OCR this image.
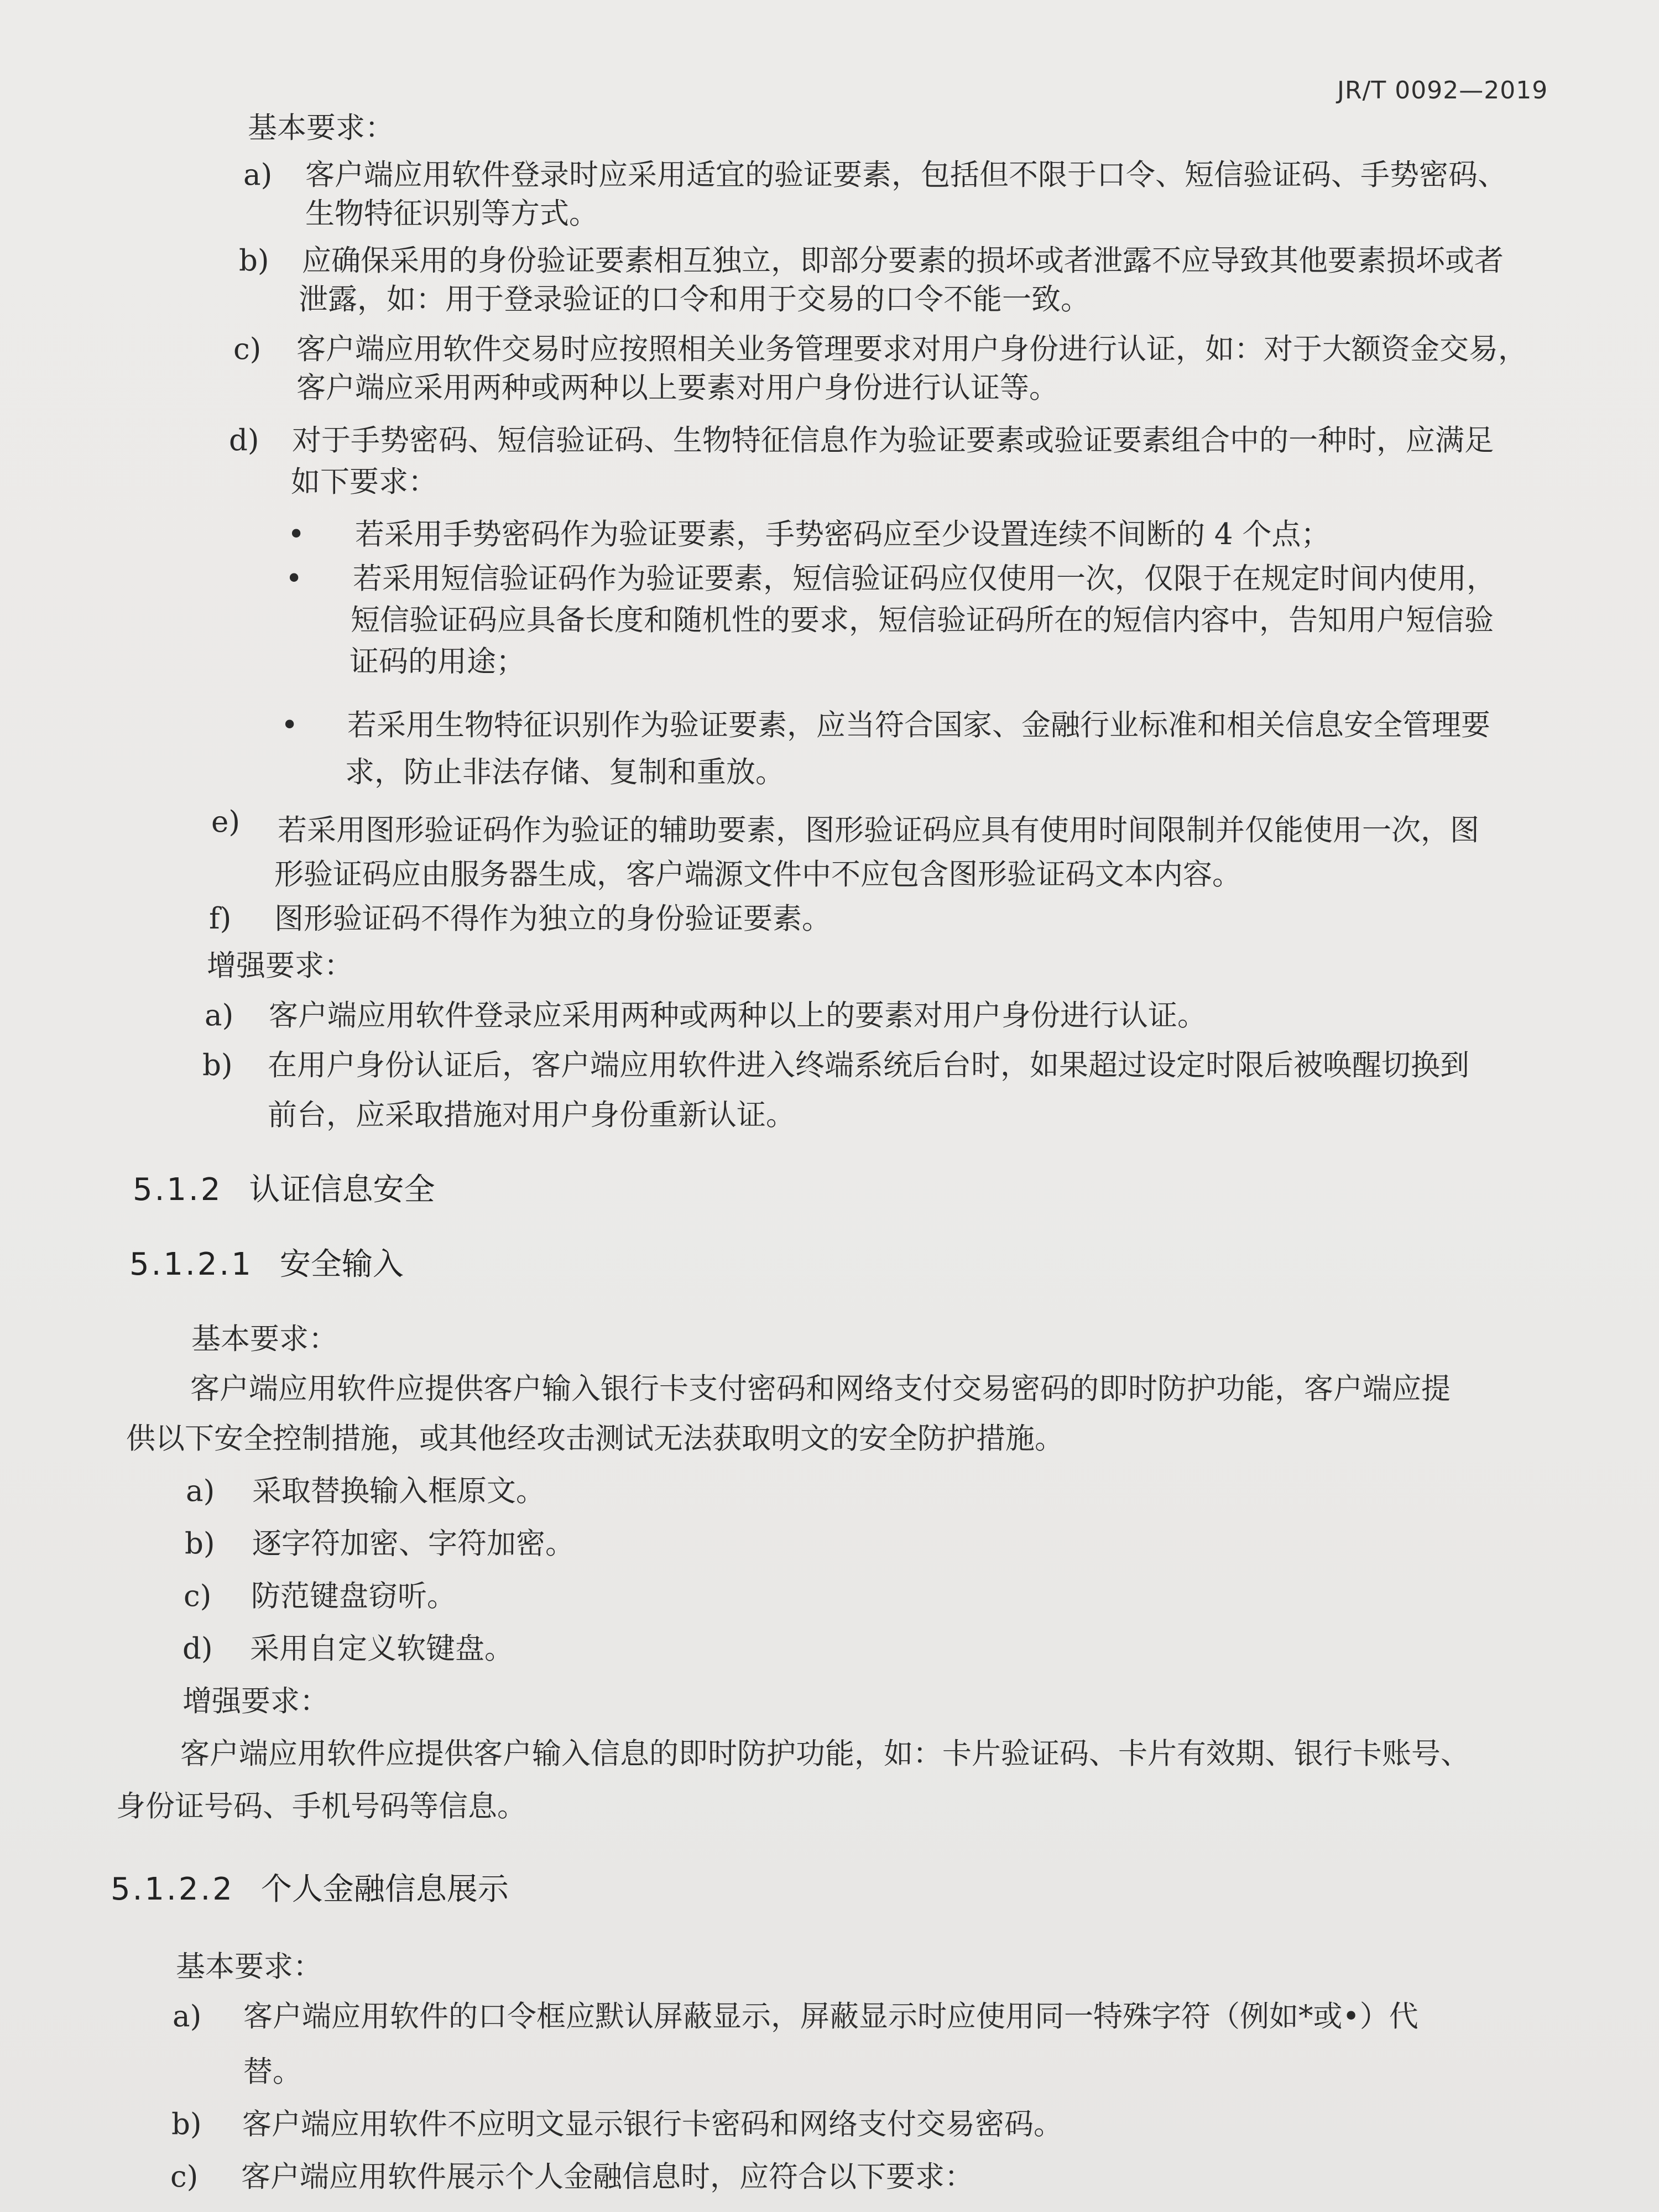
JR/T 0092—2019
基本要求：
a) 客户端应用软件登录时应采用适宜的验证要素，包括但不限于口令、短信验证码、手势密码、
生物特征识别等方式。
b) 应确保采用的身份验证要素相互独立，即部分要素的损坏或者泄露不应导致其他要素损坏或者
泄露，如：用于登录验证的口令和用于交易的口令不能一致。
c) 客户端应用软件交易时应按照相关业务管理要求对用户身份进行认证，如：对于大额资金交易，
客户端应采用两种或两种以上要素对用户身份进行认证等。
d) 对于手势密码、短信验证码、生物特征信息作为验证要素或验证要素组合中的一种时，应满足
如下要求：
• 若采用手势密码作为验证要素，手势密码应至少设置连续不间断的 4 个点；
• 若采用短信验证码作为验证要素，短信验证码应仅使用一次，仅限于在规定时间内使用，
短信验证码应具备长度和随机性的要求，短信验证码所在的短信内容中，告知用户短信验
证码的用途；
• 若采用生物特征识别作为验证要素，应当符合国家、金融行业标准和相关信息安全管理要
求，防止非法存储、复制和重放。
e) 若采用图形验证码作为验证的辅助要素，图形验证码应具有使用时间限制并仅能使用一次，图
形验证码应由服务器生成，客户端源文件中不应包含图形验证码文本内容。
f) 图形验证码不得作为独立的身份验证要素。
增强要求：
a) 客户端应用软件登录应采用两种或两种以上的要素对用户身份进行认证。
b) 在用户身份认证后，客户端应用软件进入终端系统后台时，如果超过设定时限后被唤醒切换到
前台，应采取措施对用户身份重新认证。
5.1.2 认证信息安全
5.1.2.1 安全输入
基本要求：
客户端应用软件应提供客户输入银行卡支付密码和网络支付交易密码的即时防护功能，客户端应提
供以下安全控制措施，或其他经攻击测试无法获取明文的安全防护措施。
a) 采取替换输入框原文。
b) 逐字符加密、字符加密。
c) 防范键盘窃听。
d) 采用自定义软键盘。
增强要求：
客户端应用软件应提供客户输入信息的即时防护功能，如：卡片验证码、卡片有效期、银行卡账号、
身份证号码、手机号码等信息。
5.1.2.2 个人金融信息展示
基本要求：
a) 客户端应用软件的口令框应默认屏蔽显示，屏蔽显示时应使用同一特殊字符（例如*或•）代
替。
b) 客户端应用软件不应明文显示银行卡密码和网络支付交易密码。
c) 客户端应用软件展示个人金融信息时，应符合以下要求：
